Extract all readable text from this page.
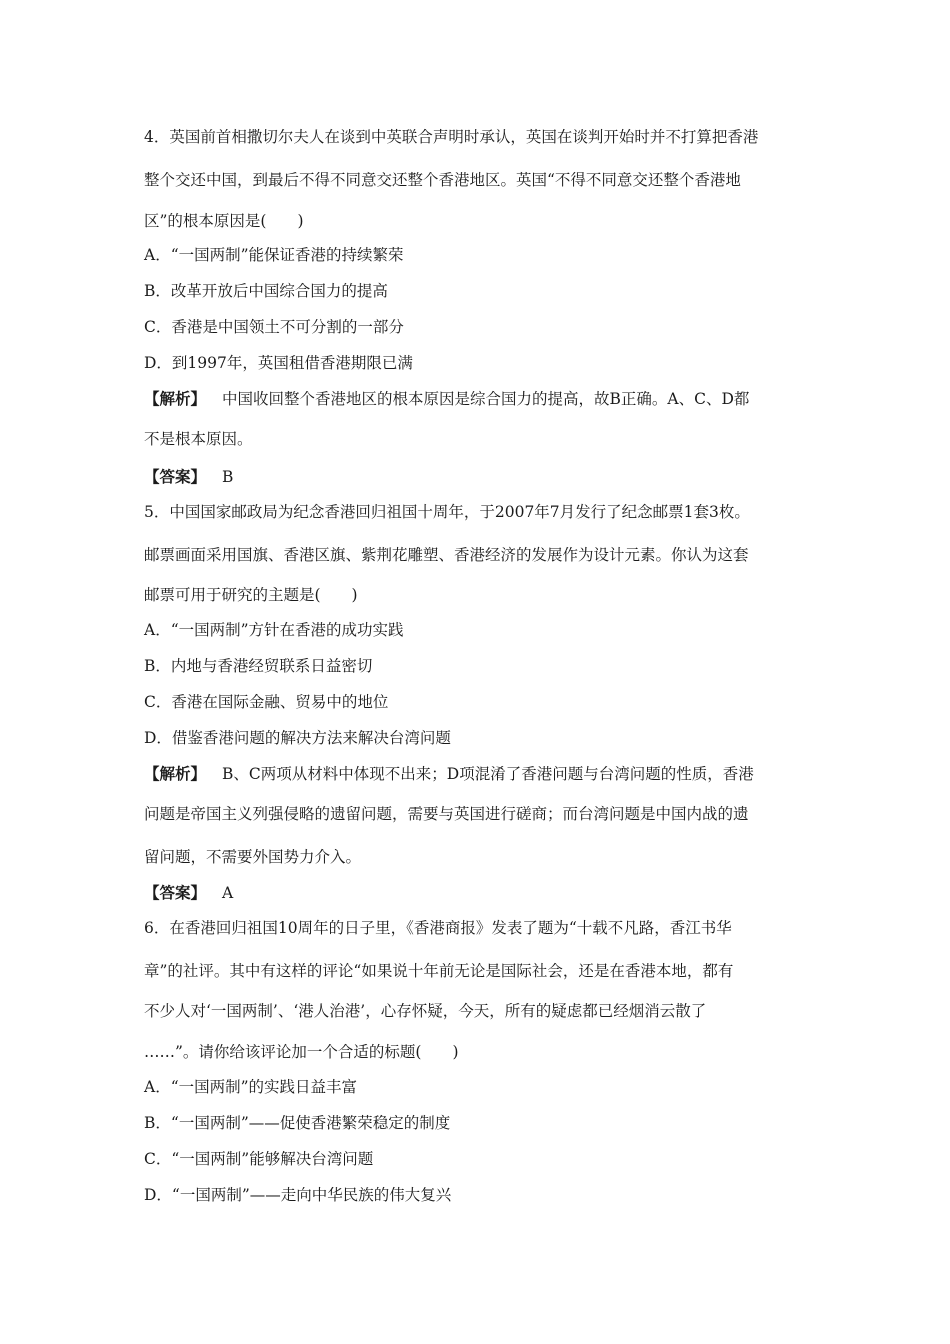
4．英国前首相撒切尔夫人在谈到中英联合声明时承认，英国在谈判开始时并不打算把香港
整个交还中国，到最后不得不同意交还整个香港地区。英国“不得不同意交还整个香港地
区”的根本原因是(　　)
A．“一国两制”能保证香港的持续繁荣
B．改革开放后中国综合国力的提高
C．香港是中国领土不可分割的一部分
D．到1997年，英国租借香港期限已满
【解析】 中国收回整个香港地区的根本原因是综合国力的提高，故B正确。A、C、D都
不是根本原因。
【答案】 B
5．中国国家邮政局为纪念香港回归祖国十周年，于2007年7月发行了纪念邮票1套3枚。
邮票画面采用国旗、香港区旗、紫荆花雕塑、香港经济的发展作为设计元素。你认为这套
邮票可用于研究的主题是(　　)
A．“一国两制”方针在香港的成功实践
B．内地与香港经贸联系日益密切
C．香港在国际金融、贸易中的地位
D．借鉴香港问题的解决方法来解决台湾问题
【解析】 B、C两项从材料中体现不出来；D项混淆了香港问题与台湾问题的性质，香港
问题是帝国主义列强侵略的遗留问题，需要与英国进行磋商；而台湾问题是中国内战的遗
留问题，不需要外国势力介入。
【答案】 A
6．在香港回归祖国10周年的日子里，《香港商报》发表了题为“十载不凡路，香江书华
章”的社评。其中有这样的评论“如果说十年前无论是国际社会，还是在香港本地，都有
不少人对‘一国两制’、‘港人治港’，心存怀疑，今天，所有的疑虑都已经烟消云散了
……”。请你给该评论加一个合适的标题(　　)
A．“一国两制”的实践日益丰富
B．“一国两制”——促使香港繁荣稳定的制度
C．“一国两制”能够解决台湾问题
D．“一国两制”——走向中华民族的伟大复兴
